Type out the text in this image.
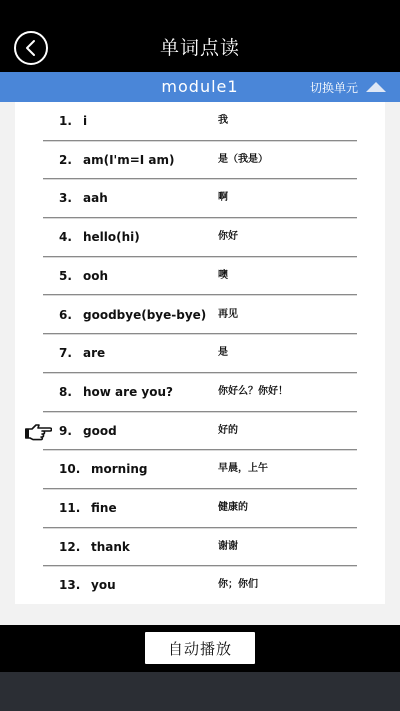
单词点读
module1	切换单元
1. i	我
2. am(I'm=I am)	是（我是）
3. aah	啊
4. hello(hi)	你好
5. ooh	噢
6. goodbye(bye-bye) 再见
7. are	是
8. how are you?	你好么？你好！
9. good	好的
10. morning	早晨，上午
11. fine	健康的
12. thank	谢谢
13. you	你；你们
自动播放
